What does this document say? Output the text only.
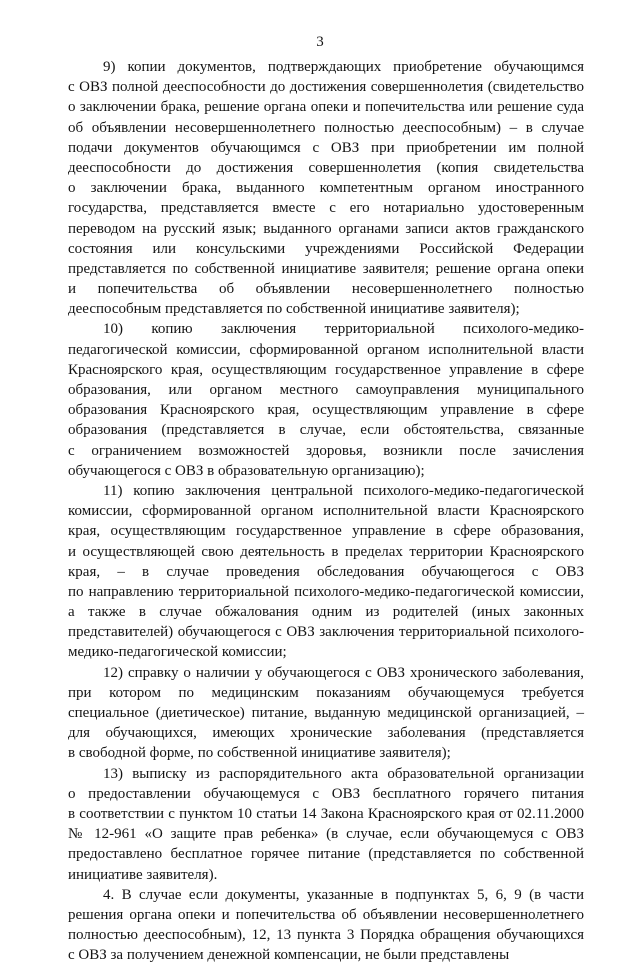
3
9) копии документов, подтверждающих приобретение обучающимся
с ОВЗ полной дееспособности до достижения совершеннолетия (свидетельство
о заключении брака, решение органа опеки и попечительства или решение суда
об объявлении несовершеннолетнего полностью дееспособным) – в случае
подачи документов обучающимся с ОВЗ при приобретении им полной
дееспособности до достижения совершеннолетия (копия свидетельства
о заключении брака, выданного компетентным органом иностранного
государства, представляется вместе с его нотариально удостоверенным
переводом на русский язык; выданного органами записи актов гражданского
состояния или консульскими учреждениями Российской Федерации
представляется по собственной инициативе заявителя; решение органа опеки
и попечительства об объявлении несовершеннолетнего полностью
дееспособным представляется по собственной инициативе заявителя);
10) копию заключения территориальной психолого-медико-
педагогической комиссии, сформированной органом исполнительной власти
Красноярского края, осуществляющим государственное управление в сфере
образования, или органом местного самоуправления муниципального
образования Красноярского края, осуществляющим управление в сфере
образования (представляется в случае, если обстоятельства, связанные
с ограничением возможностей здоровья, возникли после зачисления
обучающегося с ОВЗ в образовательную организацию);
11) копию заключения центральной психолого-медико-педагогической
комиссии, сформированной органом исполнительной власти Красноярского
края, осуществляющим государственное управление в сфере образования,
и осуществляющей свою деятельность в пределах территории Красноярского
края, – в случае проведения обследования обучающегося с ОВЗ
по направлению территориальной психолого-медико-педагогической комиссии,
а также в случае обжалования одним из родителей (иных законных
представителей) обучающегося с ОВЗ заключения территориальной психолого-
медико-педагогической комиссии;
12) справку о наличии у обучающегося с ОВЗ хронического заболевания,
при котором по медицинским показаниям обучающемуся требуется
специальное (диетическое) питание, выданную медицинской организацией, –
для обучающихся, имеющих хронические заболевания (представляется
в свободной форме, по собственной инициативе заявителя);
13) выписку из распорядительного акта образовательной организации
о предоставлении обучающемуся с ОВЗ бесплатного горячего питания
в соответствии с пунктом 10 статьи 14 Закона Красноярского края от 02.11.2000
№ 12-961 «О защите прав ребенка» (в случае, если обучающемуся с ОВЗ
предоставлено бесплатное горячее питание (представляется по собственной
инициативе заявителя).
4. В случае если документы, указанные в подпунктах 5, 6, 9 (в части
решения органа опеки и попечительства об объявлении несовершеннолетнего
полностью дееспособным), 12, 13 пункта 3 Порядка обращения обучающихся
с ОВЗ за получением денежной компенсации, не были представлены
